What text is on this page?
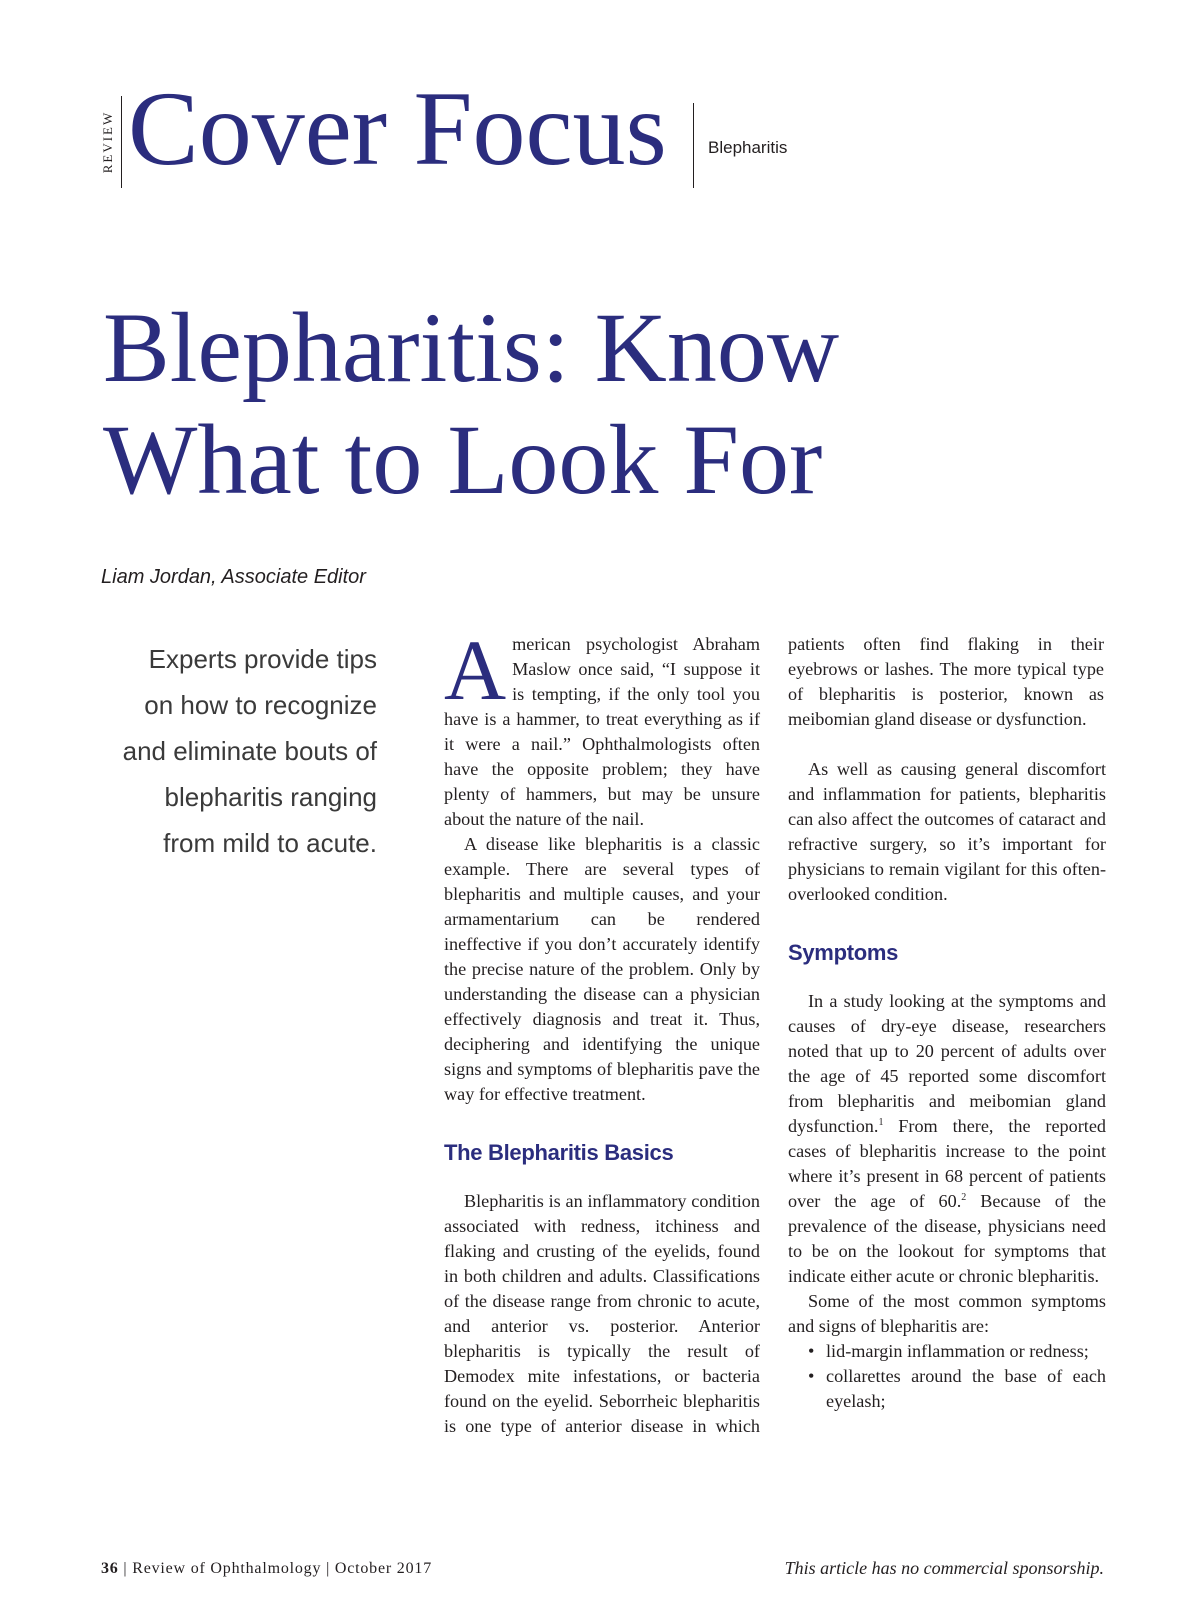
REVIEW Cover Focus Blepharitis
Blepharitis: Know
What to Look For
Liam Jordan, Associate Editor
Experts provide tips on how to recognize and eliminate bouts of blepharitis ranging from mild to acute.

American psychologist Abraham Maslow once said, “I suppose it is tempting, if the only tool you have is a hammer, to treat everything as if it were a nail.” Ophthalmologists often have the opposite problem; they have plenty of hammers, but may be unsure about the nature of the nail.

A disease like blepharitis is a classic example. There are several types of blepharitis and multiple causes, and your armamentarium can be rendered ineffective if you don’t accurately identify the precise nature of the problem. Only by understanding the disease can a physician effectively diagnosis and treat it. Thus, deciphering and identifying the unique signs and symptoms of blepharitis pave the way for effective treatment.

The Blepharitis Basics

Blepharitis is an inflammatory condition associated with redness, itchiness and flaking and crusting of the eyelids, found in both children and adults. Classifications of the disease range from chronic to acute, and anterior vs. posterior. Anterior blepharitis is typically the result of Demodex mite infestations, or bacteria found on the eyelid. Seborrheic blepharitis is one type of anterior disease in which

patients often find flaking in their eyebrows or lashes. The more typical type of blepharitis is posterior, known as meibomian gland disease or dysfunction.

As well as causing general discomfort and inflammation for patients, blepharitis can also affect the outcomes of cataract and refractive surgery, so it’s important for physicians to remain vigilant for this often-overlooked condition.

Symptoms

In a study looking at the symptoms and causes of dry-eye disease, researchers noted that up to 20 percent of adults over the age of 45 reported some discomfort from blepharitis and meibomian gland dysfunction.$^1$ From there, the reported cases of blepharitis increase to the point where it’s present in 68 percent of patients over the age of 60.$^2$ Because of the prevalence of the disease, physicians need to be on the lookout for symptoms that indicate either acute or chronic blepharitis.

Some of the most common symptoms and signs of blepharitis are:

• lid-margin inflammation or redness;
• collarettes around the base of each eyelash;
36 | Review of Ophthalmology | October 2017	This article has no commercial sponsorship.
